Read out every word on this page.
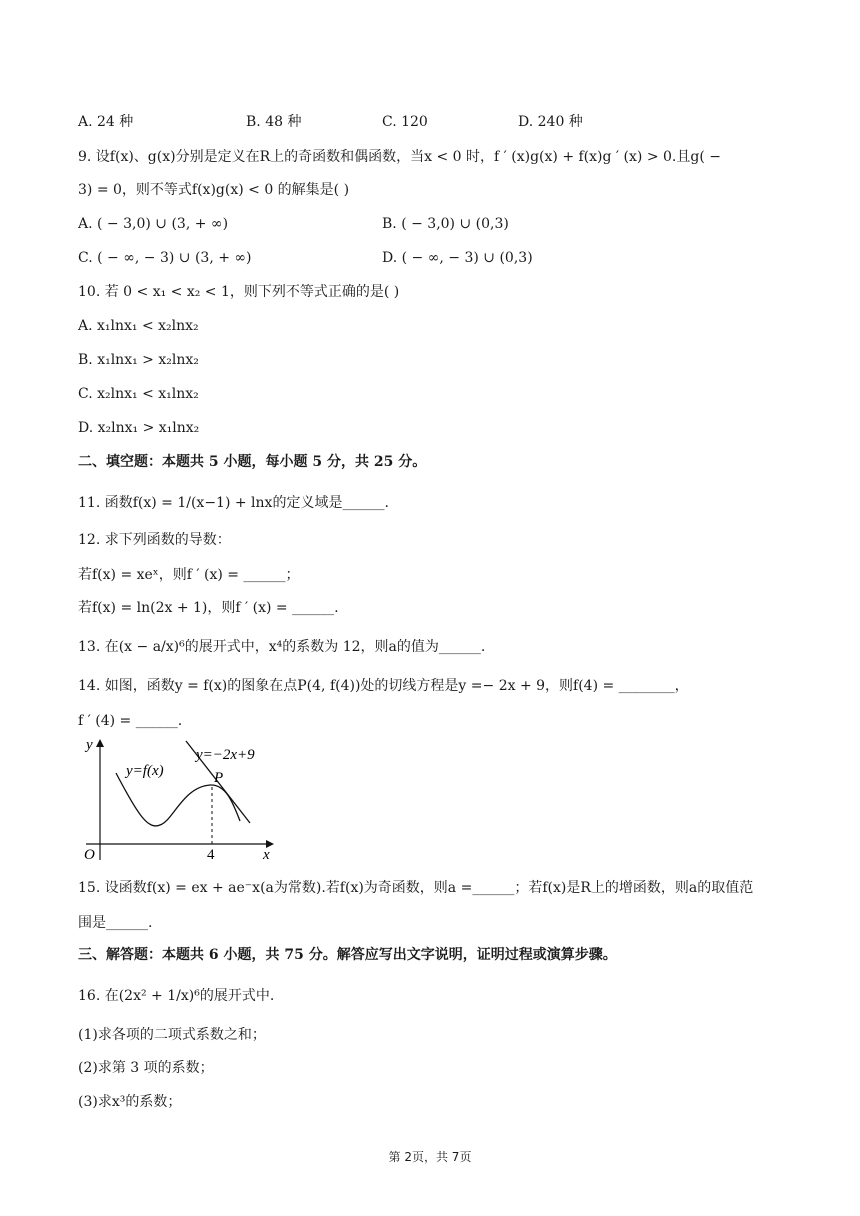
A. 24 种	B. 48 种	C. 120	D. 240 种
9. 设f(x)、g(x)分别是定义在R上的奇函数和偶函数，当x < 0 时，f ′ (x)g(x) + f(x)g ′ (x) > 0.且g( −
3) = 0，则不等式f(x)g(x) < 0 的解集是( )
A. ( − 3,0) ∪ (3, + ∞)	B. ( − 3,0) ∪ (0,3)
C. ( − ∞, − 3) ∪ (3, + ∞)	D. ( − ∞, − 3) ∪ (0,3)
10. 若 0 < x₁ < x₂ < 1，则下列不等式正确的是( )
A. x₁lnx₁ < x₂lnx₂
B. x₁lnx₁ > x₂lnx₂
C. x₂lnx₁ < x₁lnx₂
D. x₂lnx₁ > x₁lnx₂
二、填空题：本题共 5 小题，每小题 5 分，共 25 分。
11. 函数f(x) = 1/(x−1) + lnx的定义域是______.
12. 求下列函数的导数：
若f(x) = xeˣ，则f ′ (x) = ______；
若f(x) = ln(2x + 1)，则f ′ (x) = ______.
13. 在(x − a/x)⁶的展开式中，x⁴的系数为 12，则a的值为______.
14. 如图，函数y = f(x)的图象在点P(4, f(4))处的切线方程是y =− 2x + 9，则f(4) = ________，
f ′ (4) = ______.
y
x
O
y=f(x)
y=−2x+9
P
4
15. 设函数f(x) = ex + ae⁻x(a为常数).若f(x)为奇函数，则a =______；若f(x)是R上的增函数，则a的取值范
围是______.
三、解答题：本题共 6 小题，共 75 分。解答应写出文字说明，证明过程或演算步骤。
16. 在(2x² + 1/x)⁶的展开式中.
(1)求各项的二项式系数之和；
(2)求第 3 项的系数；
(3)求x³的系数；
第 2页，共 7页
